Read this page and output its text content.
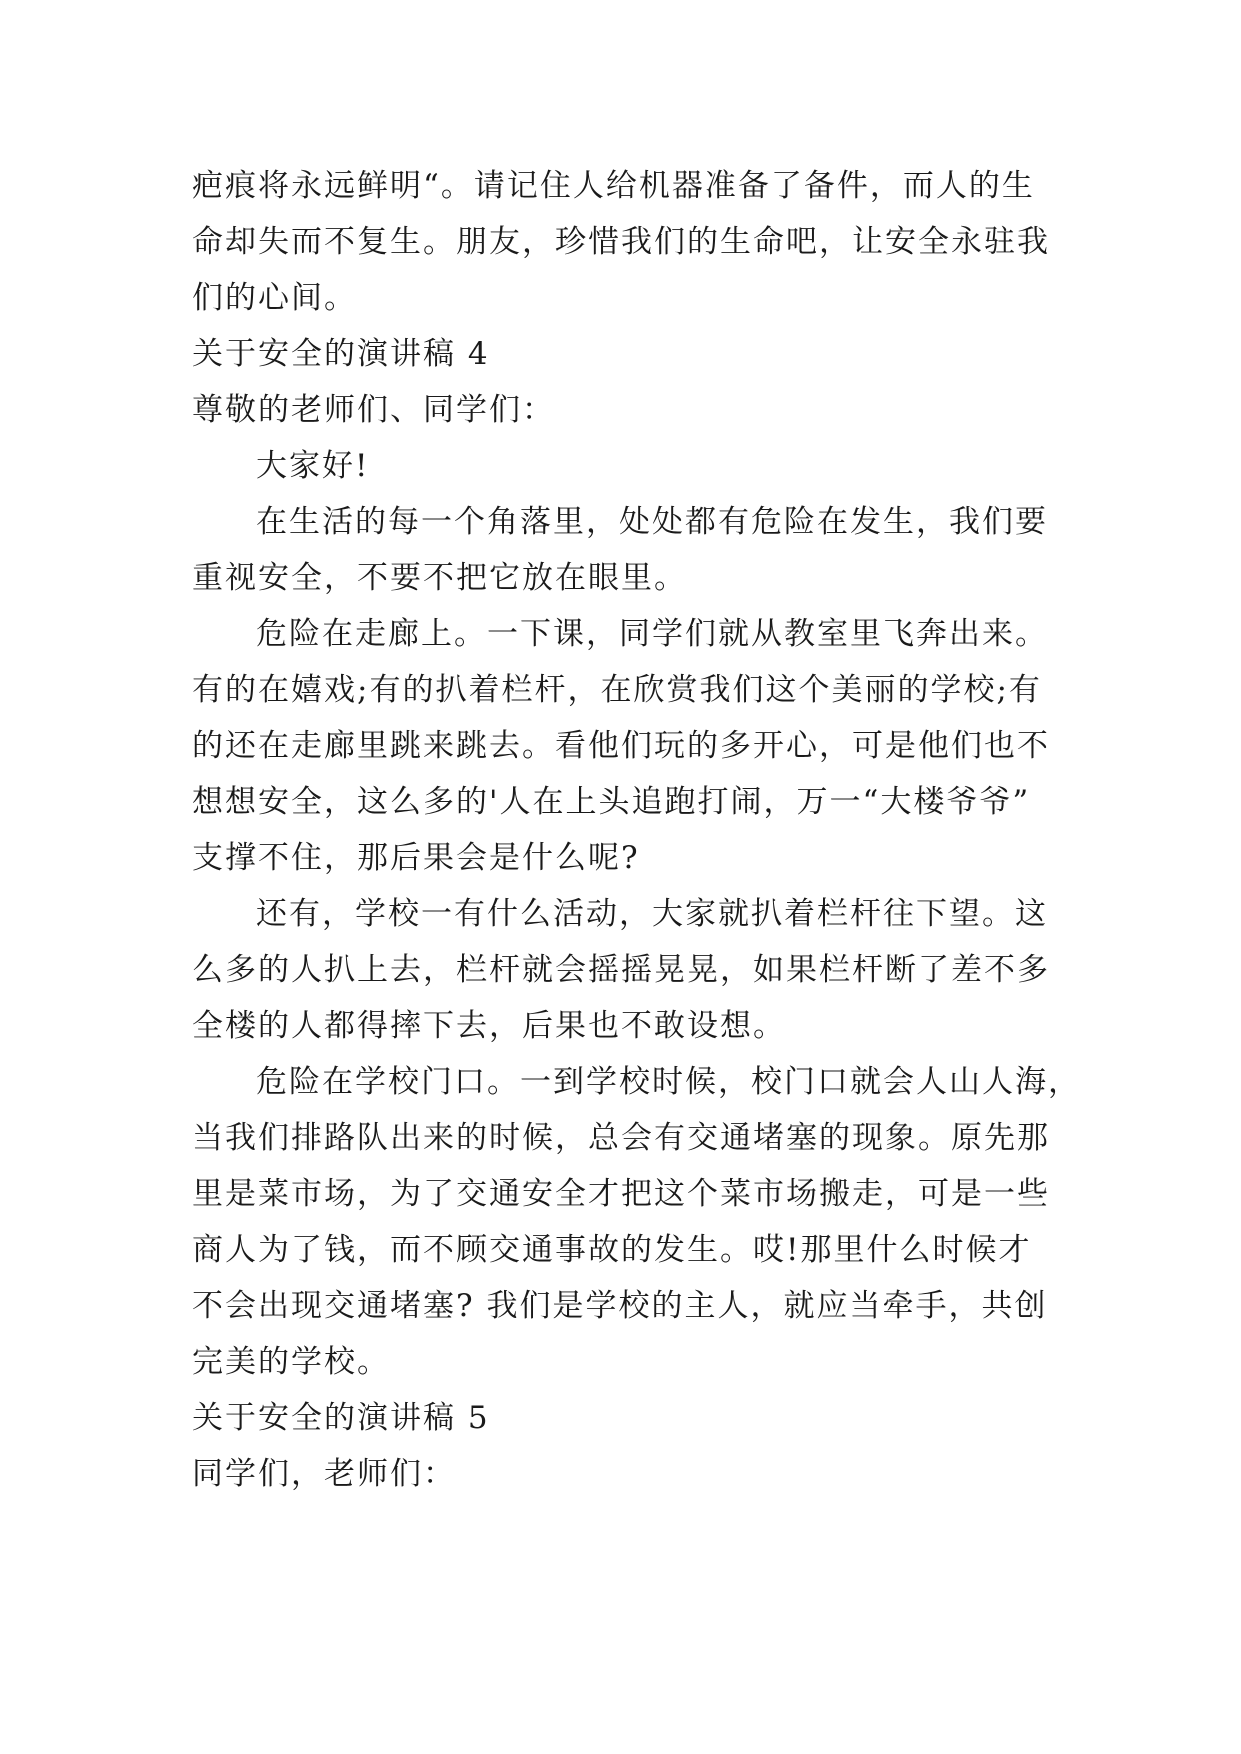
疤痕将永远鲜明“。请记住人给机器准备了备件，而人的生
命却失而不复生。朋友，珍惜我们的生命吧，让安全永驻我
们的心间。
关于安全的演讲稿 4
尊敬的老师们、同学们：
大家好!
在生活的每一个角落里，处处都有危险在发生，我们要
重视安全，不要不把它放在眼里。
危险在走廊上。一下课，同学们就从教室里飞奔出来。
有的在嬉戏;有的扒着栏杆，在欣赏我们这个美丽的学校;有
的还在走廊里跳来跳去。看他们玩的多开心，可是他们也不
想想安全，这么多的'人在上头追跑打闹，万一“大楼爷爷”
支撑不住，那后果会是什么呢?
还有，学校一有什么活动，大家就扒着栏杆往下望。这
么多的人扒上去，栏杆就会摇摇晃晃，如果栏杆断了差不多
全楼的人都得摔下去，后果也不敢设想。
危险在学校门口。一到学校时候，校门口就会人山人海，
当我们排路队出来的时候，总会有交通堵塞的现象。原先那
里是菜市场，为了交通安全才把这个菜市场搬走，可是一些
商人为了钱，而不顾交通事故的发生。哎!那里什么时候才
不会出现交通堵塞? 我们是学校的主人，就应当牵手，共创
完美的学校。
关于安全的演讲稿 5
同学们，老师们：
